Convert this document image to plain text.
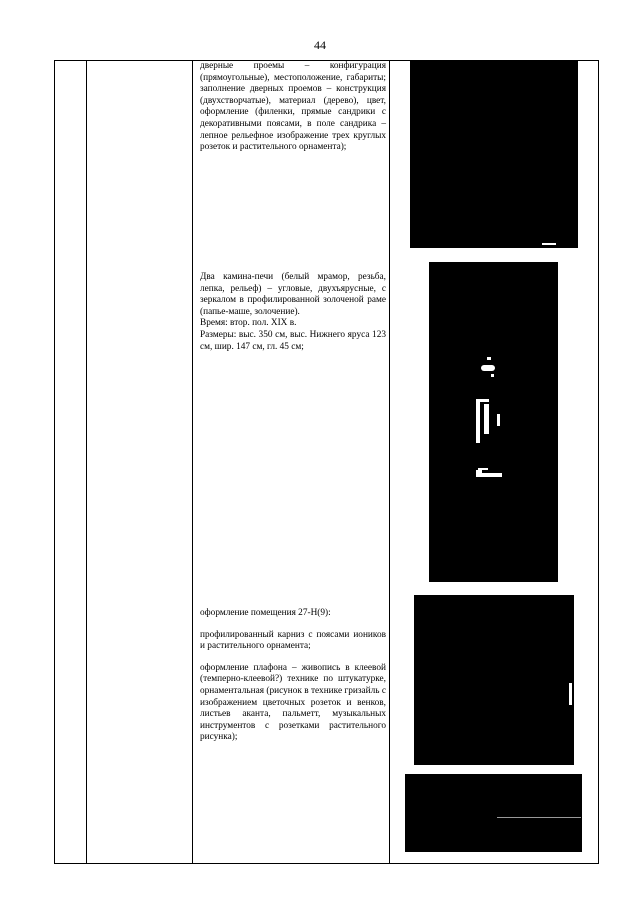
44

дверные проемы – конфигурация (прямоугольные), местоположение, габариты; заполнение дверных проемов – конструкция (двухстворчатые), материал (дерево), цвет, оформление (филенки, прямые сандрики с декоративными поясами, в поле сандрика – лепное рельефное изображение трех круглых розеток и растительного орнамента);

Два камина-печи (белый мрамор, резьба, лепка, рельеф) – угловые, двухъярусные, с зеркалом в профилированной золоченой раме (папье-маше, золочение).

Время: втор. пол. XIX в.

Размеры: выс. 350 см, выс. Нижнего яруса 123 см, шир. 147 см, гл. 45 см;

оформление помещения 27-Н(9):

профилированный карниз с поясами иоников и растительного орнамента;

оформление плафона – живопись в клеевой (темперно-клеевой?) технике по штукатурке, орнаментальная (рисунок в технике гризайль с изображением цветочных розеток и венков, листьев аканта, пальметт, музыкальных инструментов с розетками растительного рисунка);
